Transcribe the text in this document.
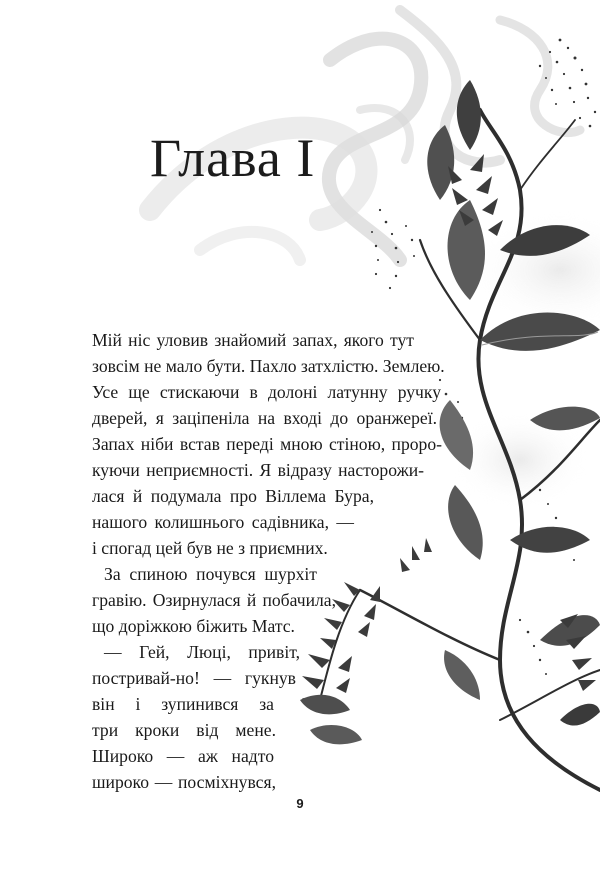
Глава I
Мій ніс уловив знайомий запах, якого тут
зовсім не мало бути. Пахло затхлістю. Землею.
Усе ще стискаючи в долоні латунну ручку
дверей, я заціпеніла на вході до оранжереї.
Запах ніби встав переді мною стіною, проро-
куючи неприємності. Я відразу насторожи-
лася й подумала про Віллема Бура,
нашого колишнього садівника, —
і спогад цей був не з приємних.
За спиною почувся шурхіт
гравію. Озирнулася й побачила,
що доріжкою біжить Матс.
— Гей, Люці, привіт,
постривай-но! — гукнув
він і зупинився за
три кроки від мене.
Широко — аж надто
широко — посміхнувся,
9
